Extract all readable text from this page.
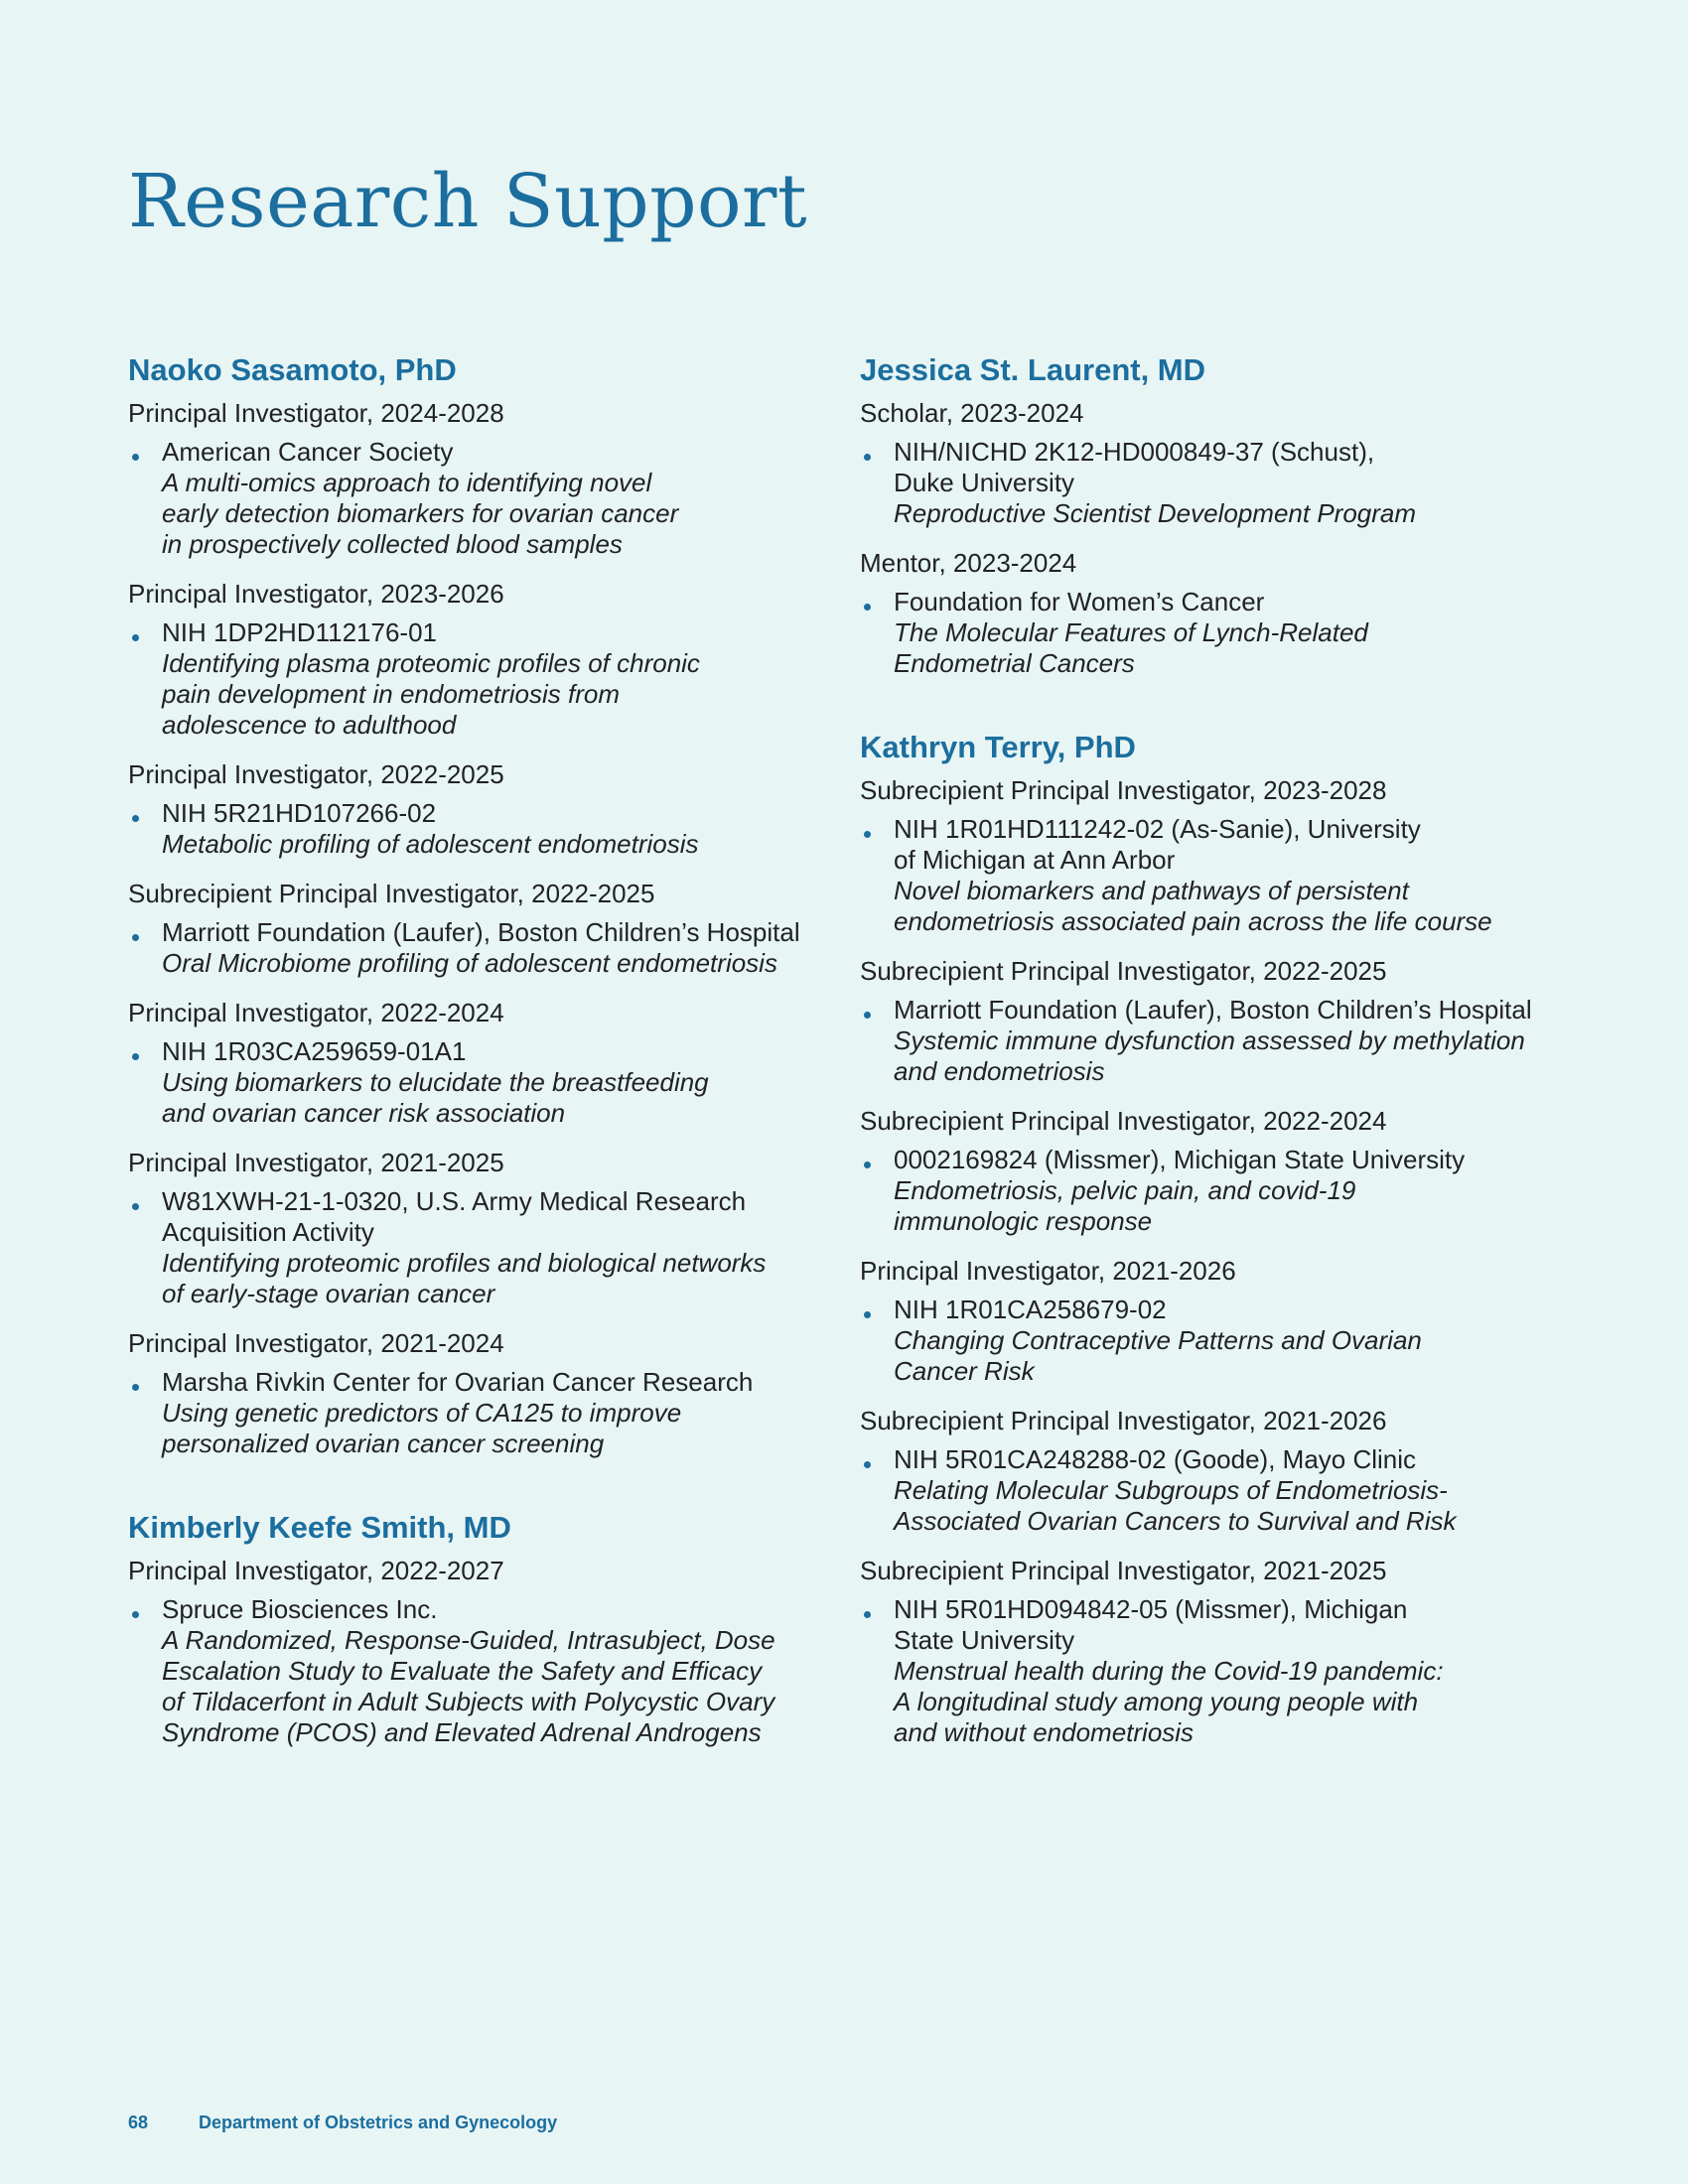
Research Support
Naoko Sasamoto, PhD
Principal Investigator, 2024-2028
American Cancer Society
A multi-omics approach to identifying novel
early detection biomarkers for ovarian cancer
in prospectively collected blood samples
Principal Investigator, 2023-2026
NIH 1DP2HD112176-01
Identifying plasma proteomic profiles of chronic
pain development in endometriosis from
adolescence to adulthood
Principal Investigator, 2022-2025
NIH 5R21HD107266-02
Metabolic profiling of adolescent endometriosis
Subrecipient Principal Investigator, 2022-2025
Marriott Foundation (Laufer), Boston Children’s Hospital
Oral Microbiome profiling of adolescent endometriosis
Principal Investigator, 2022-2024
NIH 1R03CA259659-01A1
Using biomarkers to elucidate the breastfeeding
and ovarian cancer risk association
Principal Investigator, 2021-2025
W81XWH-21-1-0320, U.S. Army Medical Research
Acquisition Activity
Identifying proteomic profiles and biological networks
of early-stage ovarian cancer
Principal Investigator, 2021-2024
Marsha Rivkin Center for Ovarian Cancer Research
Using genetic predictors of CA125 to improve
personalized ovarian cancer screening
Kimberly Keefe Smith, MD
Principal Investigator, 2022-2027
Spruce Biosciences Inc.
A Randomized, Response-Guided, Intrasubject, Dose
Escalation Study to Evaluate the Safety and Efficacy
of Tildacerfont in Adult Subjects with Polycystic Ovary
Syndrome (PCOS) and Elevated Adrenal Androgens
Jessica St. Laurent, MD
Scholar, 2023-2024
NIH/NICHD 2K12-HD000849-37 (Schust),
Duke University
Reproductive Scientist Development Program
Mentor, 2023-2024
Foundation for Women’s Cancer
The Molecular Features of Lynch-Related
Endometrial Cancers
Kathryn Terry, PhD
Subrecipient Principal Investigator, 2023-2028
NIH 1R01HD111242-02 (As-Sanie), University
of Michigan at Ann Arbor
Novel biomarkers and pathways of persistent
endometriosis associated pain across the life course
Subrecipient Principal Investigator, 2022-2025
Marriott Foundation (Laufer), Boston Children’s Hospital
Systemic immune dysfunction assessed by methylation
and endometriosis
Subrecipient Principal Investigator, 2022-2024
0002169824 (Missmer), Michigan State University
Endometriosis, pelvic pain, and covid-19
immunologic response
Principal Investigator, 2021-2026
NIH 1R01CA258679-02
Changing Contraceptive Patterns and Ovarian
Cancer Risk
Subrecipient Principal Investigator, 2021-2026
NIH 5R01CA248288-02 (Goode), Mayo Clinic
Relating Molecular Subgroups of Endometriosis-
Associated Ovarian Cancers to Survival and Risk
Subrecipient Principal Investigator, 2021-2025
NIH 5R01HD094842-05 (Missmer), Michigan
State University
Menstrual health during the Covid-19 pandemic:
A longitudinal study among young people with
and without endometriosis
68	Department of Obstetrics and Gynecology
